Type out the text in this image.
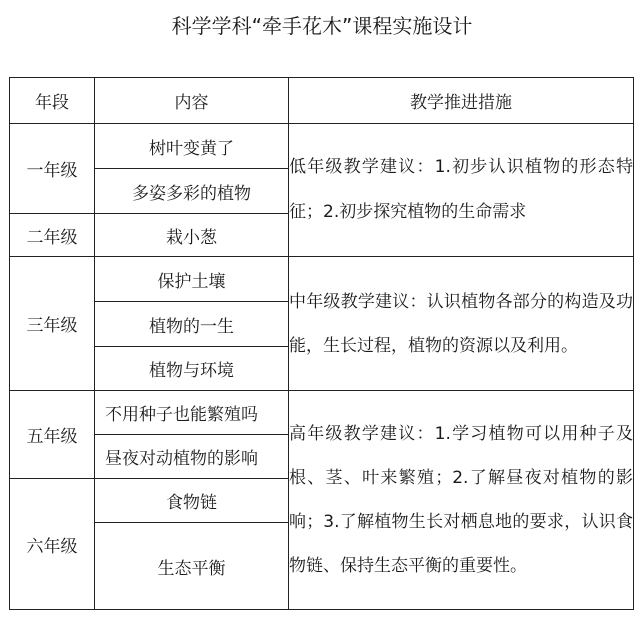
科学学科“牵手花木”课程实施设计
年段	内容	教学推进措施
一年级	树叶变黄了	低年级教学建议：1.初步认识植物的形态特征；2.初步探究植物的生命需求
	多姿多彩的植物	
二年级	栽小葱	
三年级	保护土壤	中年级教学建议：认识植物各部分的构造及功能，生长过程，植物的资源以及利用。
	植物的一生	
	植物与环境	
五年级	不用种子也能繁殖吗	高年级教学建议：1.学习植物可以用种子及根、茎、叶来繁殖；2.了解昼夜对植物的影响；3.了解植物生长对栖息地的要求，认识食物链、保持生态平衡的重要性。
	昼夜对动植物的影响	
六年级	食物链	
	生态平衡	
